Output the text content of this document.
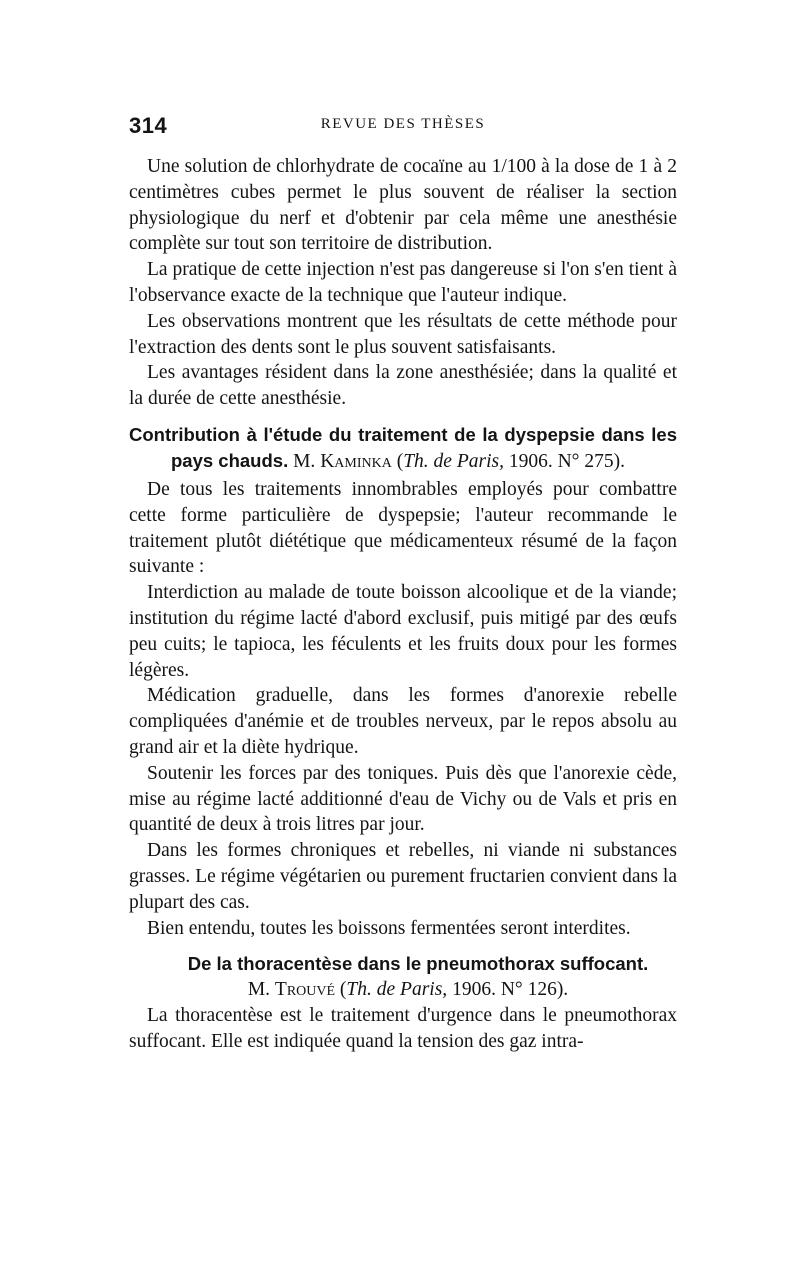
314	REVUE DES THÈSES

Une solution de chlorhydrate de cocaïne au 1/100 à la dose de 1 à 2 centimètres cubes permet le plus souvent de réaliser la section physiologique du nerf et d'obtenir par cela même une anesthésie complète sur tout son territoire de distribution.

La pratique de cette injection n'est pas dangereuse si l'on s'en tient à l'observance exacte de la technique que l'auteur indique.

Les observations montrent que les résultats de cette méthode pour l'extraction des dents sont le plus souvent satisfaisants.

Les avantages résident dans la zone anesthésiée; dans la qualité et la durée de cette anesthésie.

Contribution à l'étude du traitement de la dyspepsie dans les
pays chauds. M. Kaminka (Th. de Paris, 1906. N° 275).

De tous les traitements innombrables employés pour combattre cette forme particulière de dyspepsie; l'auteur recommande le traitement plutôt diététique que médicamenteux résumé de la façon suivante :

Interdiction au malade de toute boisson alcoolique et de la viande; institution du régime lacté d'abord exclusif, puis mitigé par des œufs peu cuits; le tapioca, les féculents et les fruits doux pour les formes légères.

Médication graduelle, dans les formes d'anorexie rebelle compliquées d'anémie et de troubles nerveux, par le repos absolu au grand air et la diète hydrique.

Soutenir les forces par des toniques. Puis dès que l'anorexie cède, mise au régime lacté additionné d'eau de Vichy ou de Vals et pris en quantité de deux à trois litres par jour.

Dans les formes chroniques et rebelles, ni viande ni substances grasses. Le régime végétarien ou purement fructarien convient dans la plupart des cas.

Bien entendu, toutes les boissons fermentées seront interdites.

De la thoracentèse dans le pneumothorax suffocant.
M. Trouvé (Th. de Paris, 1906. N° 126).

La thoracentèse est le traitement d'urgence dans le pneumothorax suffocant. Elle est indiquée quand la tension des gaz intra-
